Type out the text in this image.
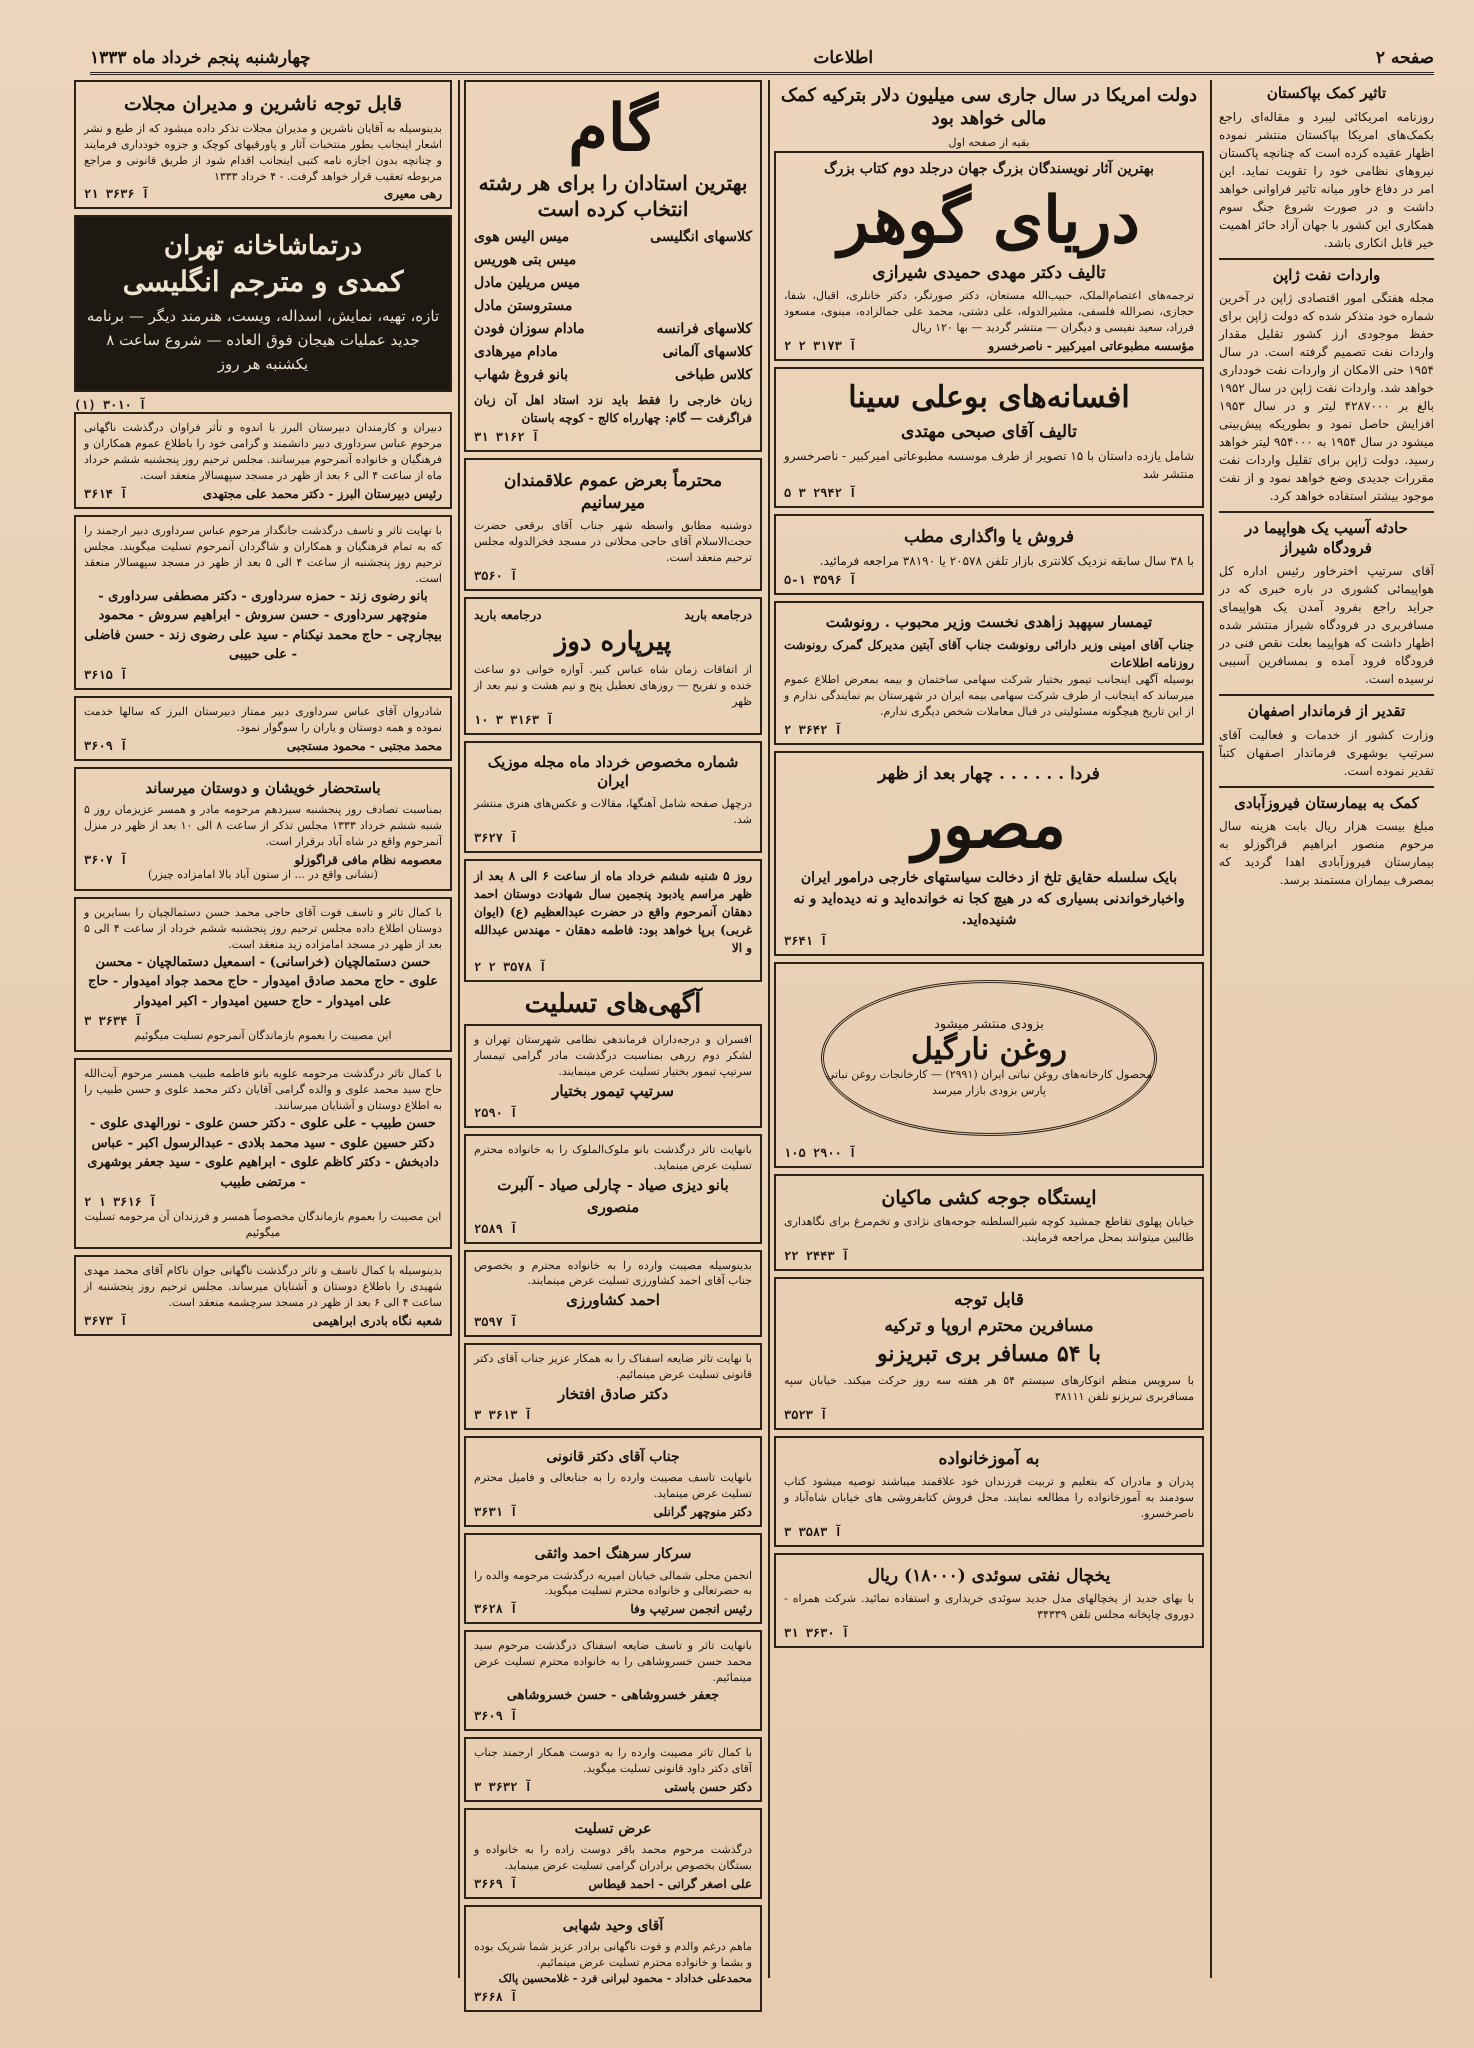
صفحه ۲
اطلاعات
چهارشنبه پنجم خرداد ماه ۱۳۳۳
تاثیر کمک بپاکستان
روزنامه امریکائی لیبرد و مقاله‌ای راجع بکمک‌های امریکا بپاکستان منتشر نموده اظهار عقیده کرده است که چنانچه پاکستان نیروهای نظامی خود را تقویت نماید. این امر در دفاع خاور میانه تاثیر فراوانی خواهد داشت و در صورت شروع جنگ سوم همکاری این کشور با جهان آزاد حائز اهمیت خیر قابل انکاری باشد.
واردات نفت ژاپن
مجله هفتگی امور اقتصادی ژاپن در آخرین شماره خود متذکر شده که دولت ژاپن برای حفظ موجودی ارز کشور تقلیل مقدار واردات نفت تصمیم گرفته است. در سال ۱۹۵۴ حتی الامکان از واردات نفت خودداری خواهد شد. واردات نفت ژاپن در سال ۱۹۵۲ بالغ بر ۴۲۸۷۰۰۰ لیتر و در سال ۱۹۵۳ افزایش حاصل نمود و بطوریکه پیش‌بینی میشود در سال ۱۹۵۴ به ۹۵۴۰۰۰ لیتر خواهد رسید. دولت ژاپن برای تقلیل واردات نفت مقررات جدیدی وضع خواهد نمود و از نفت موجود بیشتر استفاده خواهد کرد.
حادثه آسیب یک هواپیما در فرودگاه شیراز
آقای سرتیپ اخترخاور رئیس اداره کل هواپیمائی کشوری در باره خبری که در جراید راجع بفرود آمدن یک هواپیمای مسافربری در فرودگاه شیراز منتشر شده اظهار داشت که هواپیما بعلت نقص فنی در فرودگاه فرود آمده و بمسافرین آسیبی نرسیده است.
تقدیر از فرماندار اصفهان
وزارت کشور از خدمات و فعالیت آقای سرتیپ بوشهری فرماندار اصفهان کتباً تقدیر نموده است.
کمک به بیمارستان فیروزآبادی
مبلغ بیست هزار ریال بابت هزینه سال مرحوم منصور ابراهیم قراگوزلو به بیمارستان فیروزآبادی اهدا گردید که بمصرف بیماران مستمند برسد.
دولت امریکا در سال جاری سی میلیون دلار بترکیه کمک مالی خواهد بود
بقیه از صفحه اول
بهترین آثار نویسندگان بزرگ جهان درجلد دوم کتاب بزرگ
دریای گوهر
تالیف دکتر مهدی حمیدی شیرازی
ترجمه‌های اعتصام‌الملک، حبیب‌الله مستعان، دکتر صورتگر، دکتر خانلری، اقبال، شفا، حجازی، نصرالله فلسفی، مشیرالدوله، علی دشتی، محمد علی جمالزاده، مینوی، مسعود فرزاد، سعید نفیسی و دیگران — منتشر گردید — بها ۱۲۰ ریال
مؤسسه مطبوعاتی امیرکبیر - ناصرخسرو
آ ۳۱۷۳ ۲ ۲
افسانه‌های بوعلی سینا
تالیف آقای صبحی مهتدی
شامل یازده داستان با ۱۵ تصویر از طرف موسسه مطبوعاتی امیرکبیر - ناصرخسرو منتشر شد
آ ۲۹۴۲ ۳ ۵
فروش یا واگذاری مطب
با ۳۸ سال سابقه نزدیک کلانتری بازار تلفن ۲۰۵۷۸ یا ۳۸۱۹۰ مراجعه فرمائید.
آ ۳۵۹۶ ۱-۵
تیمسار سپهبد زاهدی نخست وزیر محبوب . رونوشت
جناب آقای امینی وزیر دارائی رونوشت جناب آقای آبتین مدیرکل گمرک رونوشت روزنامه اطلاعات
بوسیله آگهی اینجانب تیمور بختیار شرکت سهامی ساختمان و بیمه بمعرض اطلاع عموم میرساند که اینجانب از طرف شرکت سهامی بیمه ایران در شهرستان بم نمایندگی ندارم و از این تاریخ هیچگونه مسئولیتی در قبال معاملات شخص دیگری ندارم.
آ ۳۶۴۲ ۲
فردا . . . . . . چهار بعد از ظهر
مصور
بایک سلسله حقایق تلخ از دخالت سیاستهای خارجی درامور ایران واخبارخواندنی بسیاری که در هیچ کجا نه خوانده‌اید و نه دیده‌اید و نه شنیده‌اید.
آ ۳۶۴۱
بزودی منتشر میشود
روغن نارگیل
محصول کارخانه‌های روغن نباتی ایران (۲۹۹۱) — کارخانجات روغن نباتی پارس بزودی بازار میرسد
آ ۲۹۰۰ ۱۰۵
ایستگاه جوجه کشی ماکیان
خیابان پهلوی تقاطع جمشید کوچه شیرالسلطنه جوجه‌های نژادی و تخم‌مرغ برای نگاهداری طالبین میتوانند بمحل مراجعه فرمایند.
آ ۲۴۴۳ ۲۲
قابل توجه
مسافرین محترم اروپا و ترکیه
با ۵۴ مسافر بری تبریزنو
با سرویس منظم اتوکارهای سیستم ۵۴ هر هفته سه روز حرکت میکند. خیابان سپه مسافربری تبریزنو تلفن ۳۸۱۱۱
آ ۳۵۲۳
به آموزخانواده
پدران و مادران که بتعلیم و تربیت فرزندان خود علاقمند میباشند توصیه میشود کتاب سودمند به آموزخانواده را مطالعه نمایند. محل فروش کتابفروشی های خیابان شاه‌آباد و ناصرخسرو.
آ ۳۵۸۳ ۳
یخچال نفتی سوئدی (۱۸۰۰۰) ریال
با بهای جدید از یخچالهای مدل جدید سوئدی خریداری و استفاده نمائید. شرکت همراه - دوروی چاپخانه مجلس تلفن ۳۴۳۳۹
آ ۳۶۳۰ ۳۱
گام
بهترین استادان را برای هر رشته انتخاب کرده است
کلاسهای انگلیسی
میس الیس هوی
میس بتی هوریس
میس مریلین مادل
مستروستن مادل
کلاسهای فرانسه
مادام سوزان فودن
کلاسهای آلمانی
مادام میرهادی
کلاس طباخی
بانو فروغ شهاب
زبان خارجی را فقط باید نزد استاد اهل آن زبان فراگرفت — گام: چهارراه کالج - کوچه باستان
آ ۳۱۶۲ ۳۱
محترماً بعرض عموم علاقمندان میرسانیم
دوشنبه مطابق واسطه شهر جناب آقای برقعی حضرت حجت‌الاسلام آقای حاجی محلاتی در مسجد فخرالدوله مجلس ترحیم منعقد است.
آ ۳۵۶۰
درجامعه بارید
درجامعه بارید
پیرپاره دوز
از اتفاقات زمان شاه عباس کبیر. آوازه خوانی دو ساعت خنده و تفریح — روزهای تعطیل پنج و نیم هشت و نیم بعد از ظهر
آ ۳۱۶۳ ۳ ۱۰
شماره مخصوص خرداد ماه مجله موزیک ایران
درچهل صفحه شامل آهنگها، مقالات و عکس‌های هنری منتشر شد.
آ ۳۶۲۷
روز ۵ شنبه ششم خرداد ماه از ساعت ۶ الی ۸ بعد از ظهر مراسم یادبود پنجمین سال شهادت دوستان احمد دهقان آنمرحوم واقع در حضرت عبدالعظیم (ع) (ایوان غربی) برپا خواهد بود: فاطمه دهقان - مهندس عبدالله و الا
آ ۳۵۷۸ ۲ ۲
آگهی‌های تسلیت
افسران و درجه‌داران فرماندهی نظامی شهرستان تهران و لشکر دوم زرهی بمناسبت درگذشت مادر گرامی تیمسار سرتیپ تیمور بختیار تسلیت عرض مینمایند.
سرتیپ تیمور بختیار
آ ۲۵۹۰
بانهایت تاثر درگذشت بانو ملوک‌الملوک را به خانواده محترم تسلیت عرض مینماید.
بانو دیزی صیاد - چارلی صیاد - آلبرت منصوری
آ ۲۵۸۹
بدینوسیله مصیبت وارده را به خانواده محترم و بخصوص جناب آقای احمد کشاورزی تسلیت عرض مینمایند.
احمد کشاورزی
آ ۳۵۹۷
با نهایت تاثر ضایعه اسفناک را به همکار عزیز جناب آقای دکتر قانونی تسلیت عرض مینمائیم.
دکتر صادق افتخار
آ ۳۶۱۳ ۳
جناب آقای دکتر قانونی
بانهایت تاسف مصیبت وارده را به جنابعالی و فامیل محترم تسلیت عرض مینماید.
دکتر منوچهر گرانلی
آ ۳۶۳۱
سرکار سرهنگ احمد واثقی
انجمن محلی شمالی خیابان امیریه درگذشت مرحومه والده را به حضرتعالی و خانواده محترم تسلیت میگوید.
رئیس انجمن سرتیپ وفا
آ ۳۶۲۸
بانهایت تاثر و تاسف ضایعه اسفناک درگذشت مرحوم سید محمد حسن خسروشاهی را به خانواده محترم تسلیت عرض مینمائیم.
جعفر خسروشاهی - حسن خسروشاهی
آ ۳۶۰۹
با کمال تاثر مصیبت وارده را به دوست همکار ارجمند جناب آقای دکتر داود قانونی تسلیت میگوید.
دکتر حسن باستی
آ ۳۶۳۲ ۳
عرض تسلیت
درگذشت مرحوم محمد باقر دوست زاده را به خانواده و بستگان بخصوص برادران گرامی تسلیت عرض مینماید.
علی اصغر گرانی - احمد قیطاس
آ ۳۶۶۹
آقای وحید شهابی
ماهم درغم والدم و فوت ناگهانی برادر عزیز شما شریک بوده و بشما و خانواده محترم تسلیت عرض مینمائیم.
محمدعلی خداداد - محمود لبرانی فرد - غلامحسین پالک
آ ۳۶۶۸
قابل توجه ناشرین و مدیران مجلات
بدینوسیله به آقایان ناشرین و مدیران مجلات تذکر داده میشود که از طبع و نشر اشعار اینجانب بطور منتخبات آثار و پاورقیهای کوچک و جزوه خودداری فرمایند و چنانچه بدون اجازه نامه کتبی اینجانب اقدام شود از طریق قانونی و مراجع مربوطه تعقیب قرار خواهد گرفت. - ۴ خرداد ۱۳۳۳
رهی معیری
آ ۳۶۳۶ ۲۱
درتماشاخانه تهران
کمدی و مترجم انگلیسی
تازه، تهیه، نمایش، اسداله، ویست، هنرمند دیگر — برنامه جدید عملیات هیجان فوق العاده — شروع ساعت ۸ یکشنبه هر روز
آ ۳۰۱۰ (۱)
دبیران و کارمندان دبیرستان البرز با اندوه و تأثر فراوان درگذشت ناگهانی مرحوم عباس سرداوری دبیر دانشمند و گرامی خود را باطلاع عموم همکاران و فرهنگیان و خانواده آنمرحوم میرسانند. مجلس ترحیم روز پنجشنبه ششم خرداد ماه از ساعت ۴ الی ۶ بعد از ظهر در مسجد سپهسالار منعقد است.
رئیس دبیرستان البرز - دکتر محمد علی مجتهدی
آ ۳۶۱۴
با نهایت تاثر و تاسف درگذشت جانگداز مرحوم عباس سرداوری دبیر ارجمند را که به تمام فرهنگیان و همکاران و شاگردان آنمرحوم تسلیت میگویند. مجلس ترحیم روز پنجشنبه از ساعت ۴ الی ۵ بعد از ظهر در مسجد سپهسالار منعقد است.
بانو رضوی زند - حمزه سرداوری - دکتر مصطفی سرداوری - منوچهر سرداوری - حسن سروش - ابراهیم سروش - محمود بیجارچی - حاج محمد نیکنام - سید علی رضوی زند - حسن فاضلی - علی حبیبی
آ ۳۶۱۵
شادروان آقای عباس سرداوری دبیر ممتاز دبیرستان البرز که سالها خدمت نموده و همه دوستان و یاران را سوگوار نمود.
محمد مجتبی - محمود مستجبی
آ ۳۶۰۹
باستحضار خویشان و دوستان میرساند
بمناسبت تصادف روز پنجشنبه سیزدهم مرحومه مادر و همسر عزیزمان روز ۵ شنبه ششم خرداد ۱۳۳۳ مجلس تذکر از ساعت ۸ الی ۱۰ بعد از ظهر در منزل آنمرحوم واقع در شاه آباد برقرار است.
معصومه نظام مافی قراگوزلو
آ ۳۶۰۷
(نشانی واقع در ... از ستون آباد بالا امامزاده چیزر)
با کمال تاثر و تاسف فوت آقای حاجی محمد حسن دستمالچیان را بسایرین و دوستان اطلاع داده مجلس ترحیم روز پنجشنبه ششم خرداد از ساعت ۴ الی ۵ بعد از ظهر در مسجد امامزاده زید منعقد است.
حسن دستمالچیان (خراسانی) - اسمعیل دستمالچیان - محسن علوی - حاج محمد صادق امیدوار - حاج محمد جواد امیدوار - حاج علی امیدوار - حاج حسین امیدوار - اکبر امیدوار
آ ۳۶۳۴ ۳
این مصیبت را بعموم بازماندگان آنمرحوم تسلیت میگوئیم
با کمال تاثر درگذشت مرحومه علویه بانو فاطمه طبیب همسر مرحوم آیت‌الله حاج سید محمد علوی و والده گرامی آقایان دکتر محمد علوی و حسن طبیب را به اطلاع دوستان و آشنایان میرسانند.
حسن طبیب - علی علوی - دکتر حسن علوی - نورالهدی علوی - دکتر حسین علوی - سید محمد بلادی - عبدالرسول اکبر - عباس دادبخش - دکتر کاظم علوی - ابراهیم علوی - سید جعفر بوشهری - مرتضی طبیب
آ ۳۶۱۶ ۱ ۲
این مصیبت را بعموم بازماندگان مخصوصاً همسر و فرزندان آن مرحومه تسلیت میگوئیم
بدینوسیله با کمال تاسف و تاثر درگذشت ناگهانی جوان ناکام آقای محمد مهدی شهیدی را باطلاع دوستان و آشنایان میرساند. مجلس ترحیم روز پنجشنبه از ساعت ۴ الی ۶ بعد از ظهر در مسجد سرچشمه منعقد است.
شعبه نگاه بادری ابراهیمی
آ ۳۶۷۳
